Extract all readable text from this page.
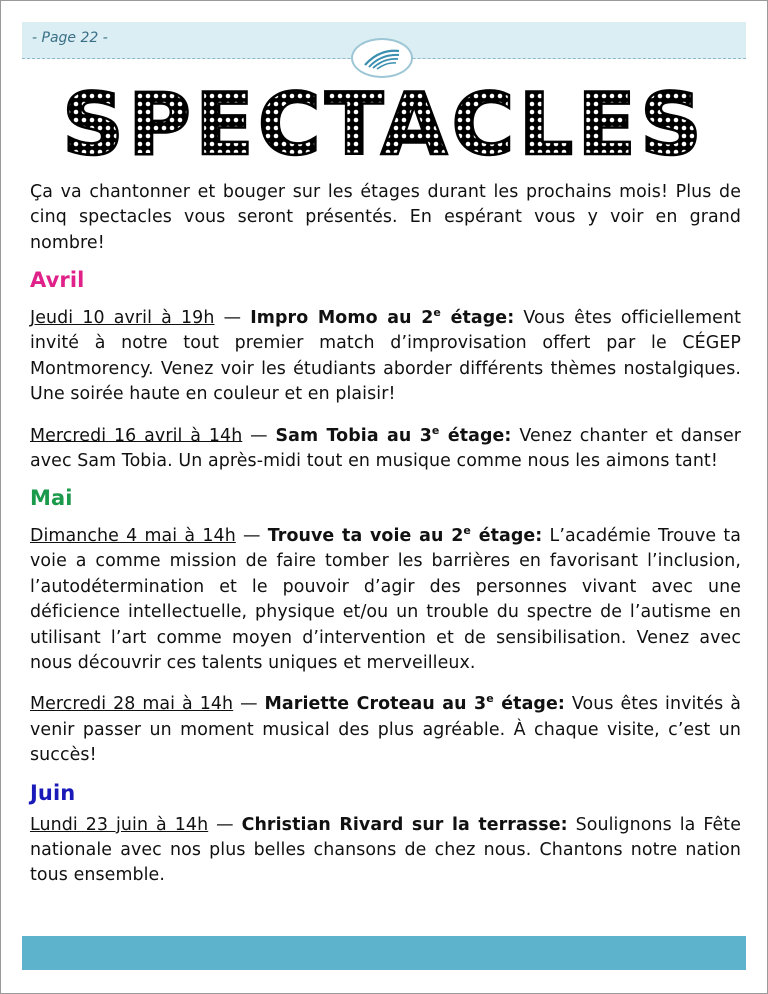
- Page 22 -
SPECTACLES

Ça va chantonner et bouger sur les étages durant les prochains mois! Plus de cinq spectacles vous seront présentés. En espérant vous y voir en grand nombre!

Avril

Jeudi 10 avril à 19h — Impro Momo au 2e étage: Vous êtes officiellement invité à notre tout premier match d’improvisation offert par le CÉGEP Montmorency. Venez voir les étudiants aborder différents thèmes nostalgiques. Une soirée haute en couleur et en plaisir!

Mercredi 16 avril à 14h — Sam Tobia au 3e étage: Venez chanter et danser avec Sam Tobia. Un après-midi tout en musique comme nous les aimons tant!

Mai

Dimanche 4 mai à 14h — Trouve ta voie au 2e étage: L’académie Trouve ta voie a comme mission de faire tomber les barrières en favorisant l’inclusion, l’autodétermination et le pouvoir d’agir des personnes vivant avec une déficience intellectuelle, physique et/ou un trouble du spectre de l’autisme en utilisant l’art comme moyen d’intervention et de sensibilisation. Venez avec nous découvrir ces talents uniques et merveilleux.

Mercredi 28 mai à 14h — Mariette Croteau au 3e étage: Vous êtes invités à venir passer un moment musical des plus agréable. À chaque visite, c’est un succès!

Juin

Lundi 23 juin à 14h — Christian Rivard sur la terrasse: Soulignons la Fête nationale avec nos plus belles chansons de chez nous. Chantons notre nation tous ensemble.
